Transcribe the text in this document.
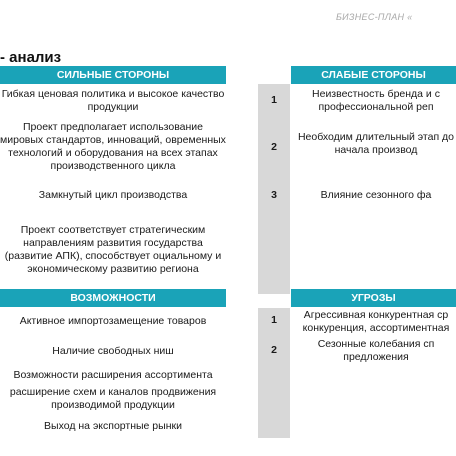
БИЗНЕС-ПЛАН «
- анализ
СИЛЬНЫЕ СТОРОНЫ	СЛАБЫЕ СТОРОНЫ
Гибкая ценовая политика и высокое качество продукции
Проект предполагает использование мировых стандартов, инноваций, овременных технологий и оборудования на всех этапах производственного цикла
Замкнутый цикл производства
Проект соответствует стратегическим направлениям развития государства (развитие АПК), способствует оциальному и экономическому развитию региона
1
2
3
Неизвестность бренда и с профессиональной реп
Необходим длительный этап до начала производ
Влияние сезонного фа
ВОЗМОЖНОСТИ	УГРОЗЫ
Активное импортозамещение товаров
Наличие свободных ниш
Возможности расширения ассортимента
расширение схем и каналов продвижения производимой продукции
Выход на экспортные рынки
1
2
Агрессивная конкурентная ср конкуренция, ассортиментная
Сезонные колебания сп предложения
